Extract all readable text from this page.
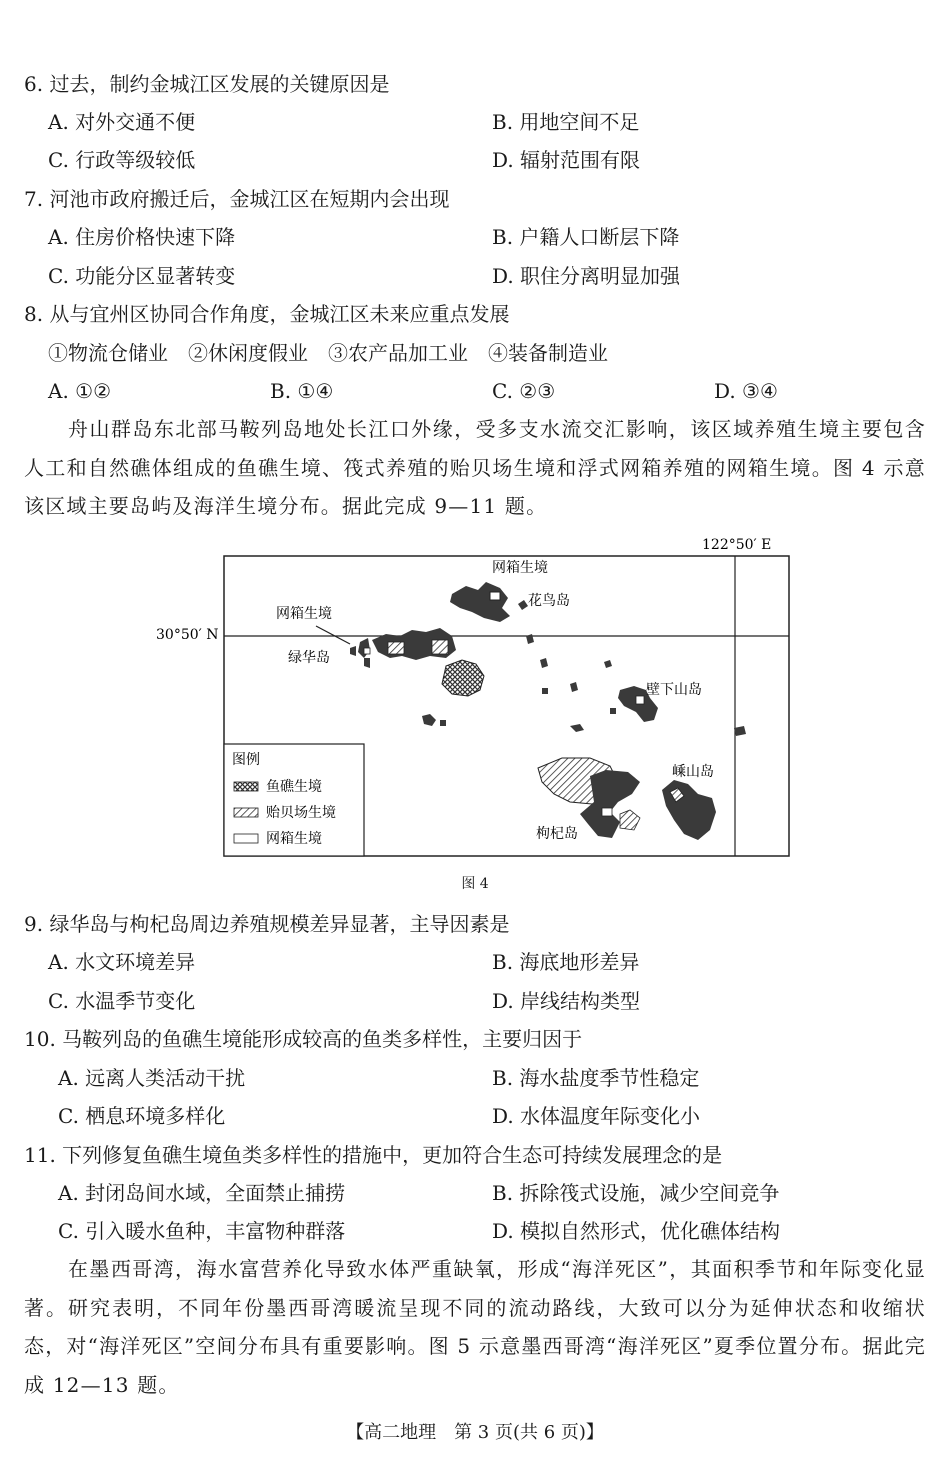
6. 过去，制约金城江区发展的关键原因是
A. 对外交通不便	B. 用地空间不足
C. 行政等级较低	D. 辐射范围有限
7. 河池市政府搬迁后，金城江区在短期内会出现
A. 住房价格快速下降	B. 户籍人口断层下降
C. 功能分区显著转变	D. 职住分离明显加强
8. 从与宜州区协同合作角度，金城江区未来应重点发展
①物流仓储业　②休闲度假业　③农产品加工业　④装备制造业
A. ①②	B. ①④	C. ②③	D. ③④
舟山群岛东北部马鞍列岛地处长江口外缘，受多支水流交汇影响，该区域养殖生境主要包含人工和自然礁体组成的鱼礁生境、筏式养殖的贻贝场生境和浮式网箱养殖的网箱生境。图 4 示意该区域主要岛屿及海洋生境分布。据此完成 9—11 题。
122°50′ E
30°50′ N
网箱生境
花鸟岛
网箱生境
绿华岛
壁下山岛
枸杞岛
嵊山岛
图例
鱼礁生境
贻贝场生境
网箱生境
图 4
9. 绿华岛与枸杞岛周边养殖规模差异显著，主导因素是
A. 水文环境差异	B. 海底地形差异
C. 水温季节变化	D. 岸线结构类型
10. 马鞍列岛的鱼礁生境能形成较高的鱼类多样性，主要归因于
A. 远离人类活动干扰	B. 海水盐度季节性稳定
C. 栖息环境多样化	D. 水体温度年际变化小
11. 下列修复鱼礁生境鱼类多样性的措施中，更加符合生态可持续发展理念的是
A. 封闭岛间水域，全面禁止捕捞	B. 拆除筏式设施，减少空间竞争
C. 引入暖水鱼种，丰富物种群落	D. 模拟自然形式，优化礁体结构
在墨西哥湾，海水富营养化导致水体严重缺氧，形成“海洋死区”，其面积季节和年际变化显著。研究表明，不同年份墨西哥湾暖流呈现不同的流动路线，大致可以分为延伸状态和收缩状态，对“海洋死区”空间分布具有重要影响。图 5 示意墨西哥湾“海洋死区”夏季位置分布。据此完成 12—13 题。
【高二地理　第 3 页(共 6 页)】
